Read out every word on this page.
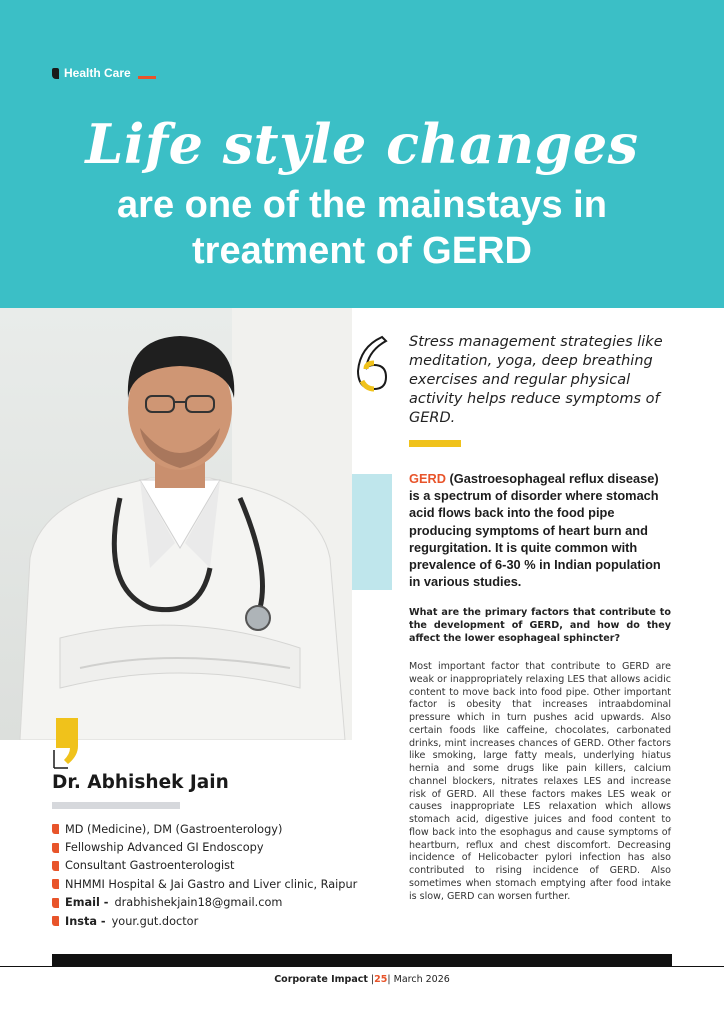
Health Care
Life style changes
are one of the mainstays in treatment of GERD
Stress management strategies like meditation, yoga, deep breathing exercises and regular physical activity helps reduce symptoms of GERD.
GERD (Gastroesophageal reflux disease) is a spectrum of disorder where stomach acid flows back into the food pipe producing symptoms of heart burn and regurgitation. It is quite common with prevalence of 6-30 % in Indian population in various studies.
What are the primary factors that contribute to the development of GERD, and how do they affect the lower esophageal sphincter?
Most important factor that contribute to GERD are weak or inappropriately relaxing LES that allows acidic content to move back into food pipe. Other important factor is obesity that increases intraabdominal pressure which in turn pushes acid upwards. Also certain foods like caffeine, chocolates, carbonated drinks, mint increases chances of GERD. Other factors like smoking, large fatty meals, underlying hiatus hernia and some drugs like pain killers, calcium channel blockers, nitrates relaxes LES and increase risk of GERD. All these factors makes LES weak or causes inappropriate LES relaxation which allows stomach acid, digestive juices and food content to flow back into the esophagus and cause symptoms of heartburn, reflux and chest discomfort. Decreasing incidence of Helicobacter pylori infection has also contributed to rising incidence of GERD. Also sometimes when stomach emptying after food intake is slow, GERD can worsen further.
Dr. Abhishek Jain
MD (Medicine), DM (Gastroenterology)
Fellowship Advanced GI Endoscopy
Consultant Gastroenterologist
NHMMI Hospital & Jai Gastro and Liver clinic, Raipur
Email - drabhishekjain18@gmail.com
Insta - your.gut.doctor
Corporate Impact |25| March 2026
